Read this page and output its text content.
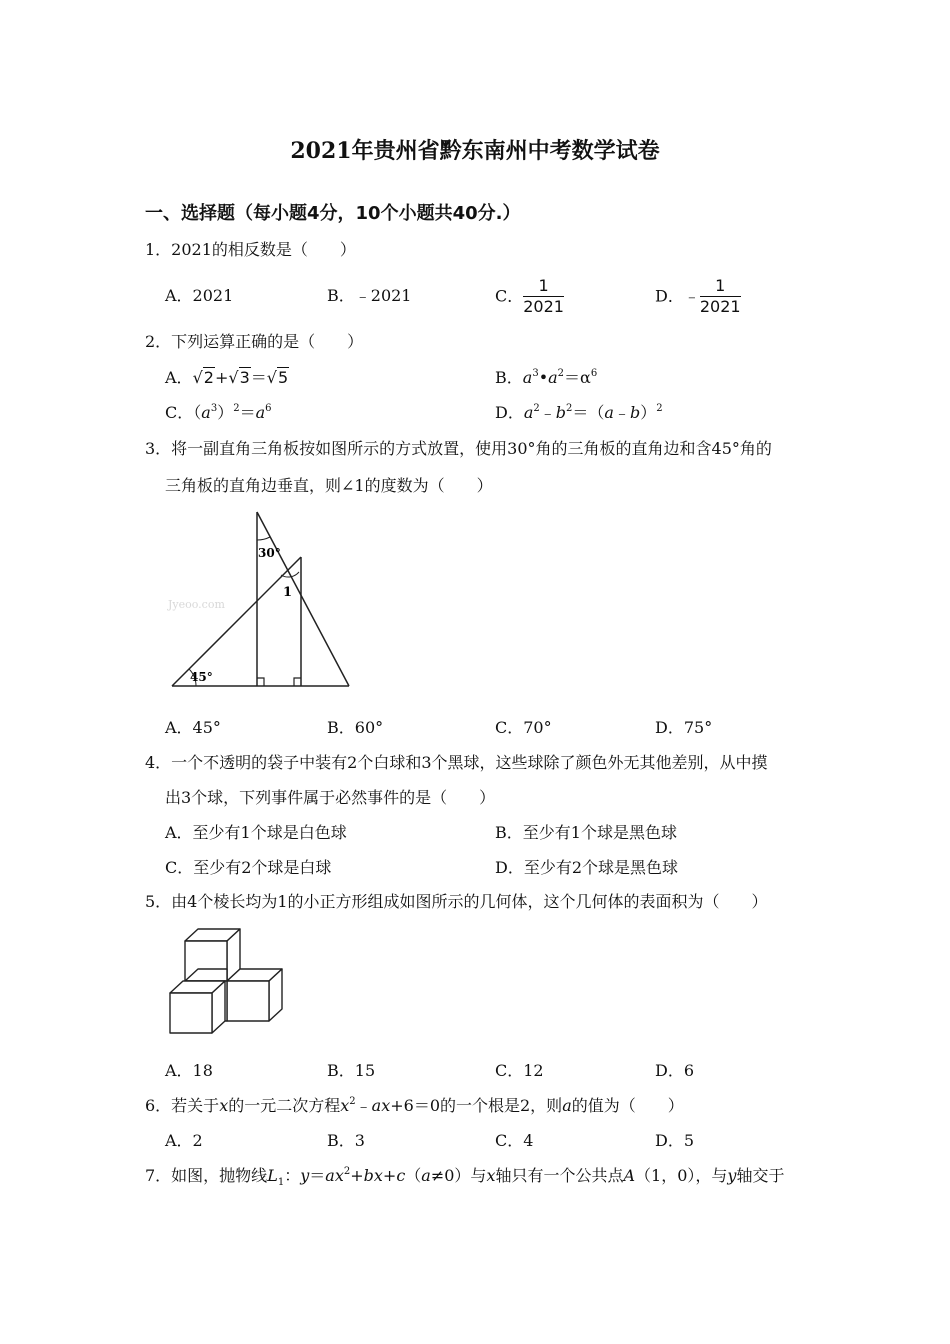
2021年贵州省黔东南州中考数学试卷
一、选择题（每小题4分，10个小题共40分.）
1．2021的相反数是（　　）
A．2021	B．﹣2021	C． $\frac{1}{2021}$	D．﹣ $\frac{1}{2021}$
2．下列运算正确的是（　　）
A．√2+√3＝√5	B．$a^3•a^2=\alpha^6$
C．$(a^3)^2=a^6$	D．$a^2﹣b^2=(a﹣b)^2$
3．将一副直角三角板按如图所示的方式放置，使用30°角的三角板的直角边和含45°角的
三角板的直角边垂直，则∠1的度数为（　　）
30°
1
45°
Jyeoo.com
A．45°	B．60°	C．70°	D．75°
4．一个不透明的袋子中装有2个白球和3个黑球，这些球除了颜色外无其他差别，从中摸
出3个球，下列事件属于必然事件的是（　　）
A．至少有1个球是白色球	B．至少有1个球是黑色球
C．至少有2个球是白球	D．至少有2个球是黑色球
5．由4个棱长均为1的小正方形组成如图所示的几何体，这个几何体的表面积为（　　）
A．18	B．15	C．12	D．6
6．若关于x的一元二次方程$x^2﹣ax+6=0$的一个根是2，则a的值为（　　）
A．2	B．3	C．4	D．5
7．如图，抛物线$L_1$：$y=ax^2+bx+c(a\ne 0)$与x轴只有一个公共点A（1，0），与y轴交于
